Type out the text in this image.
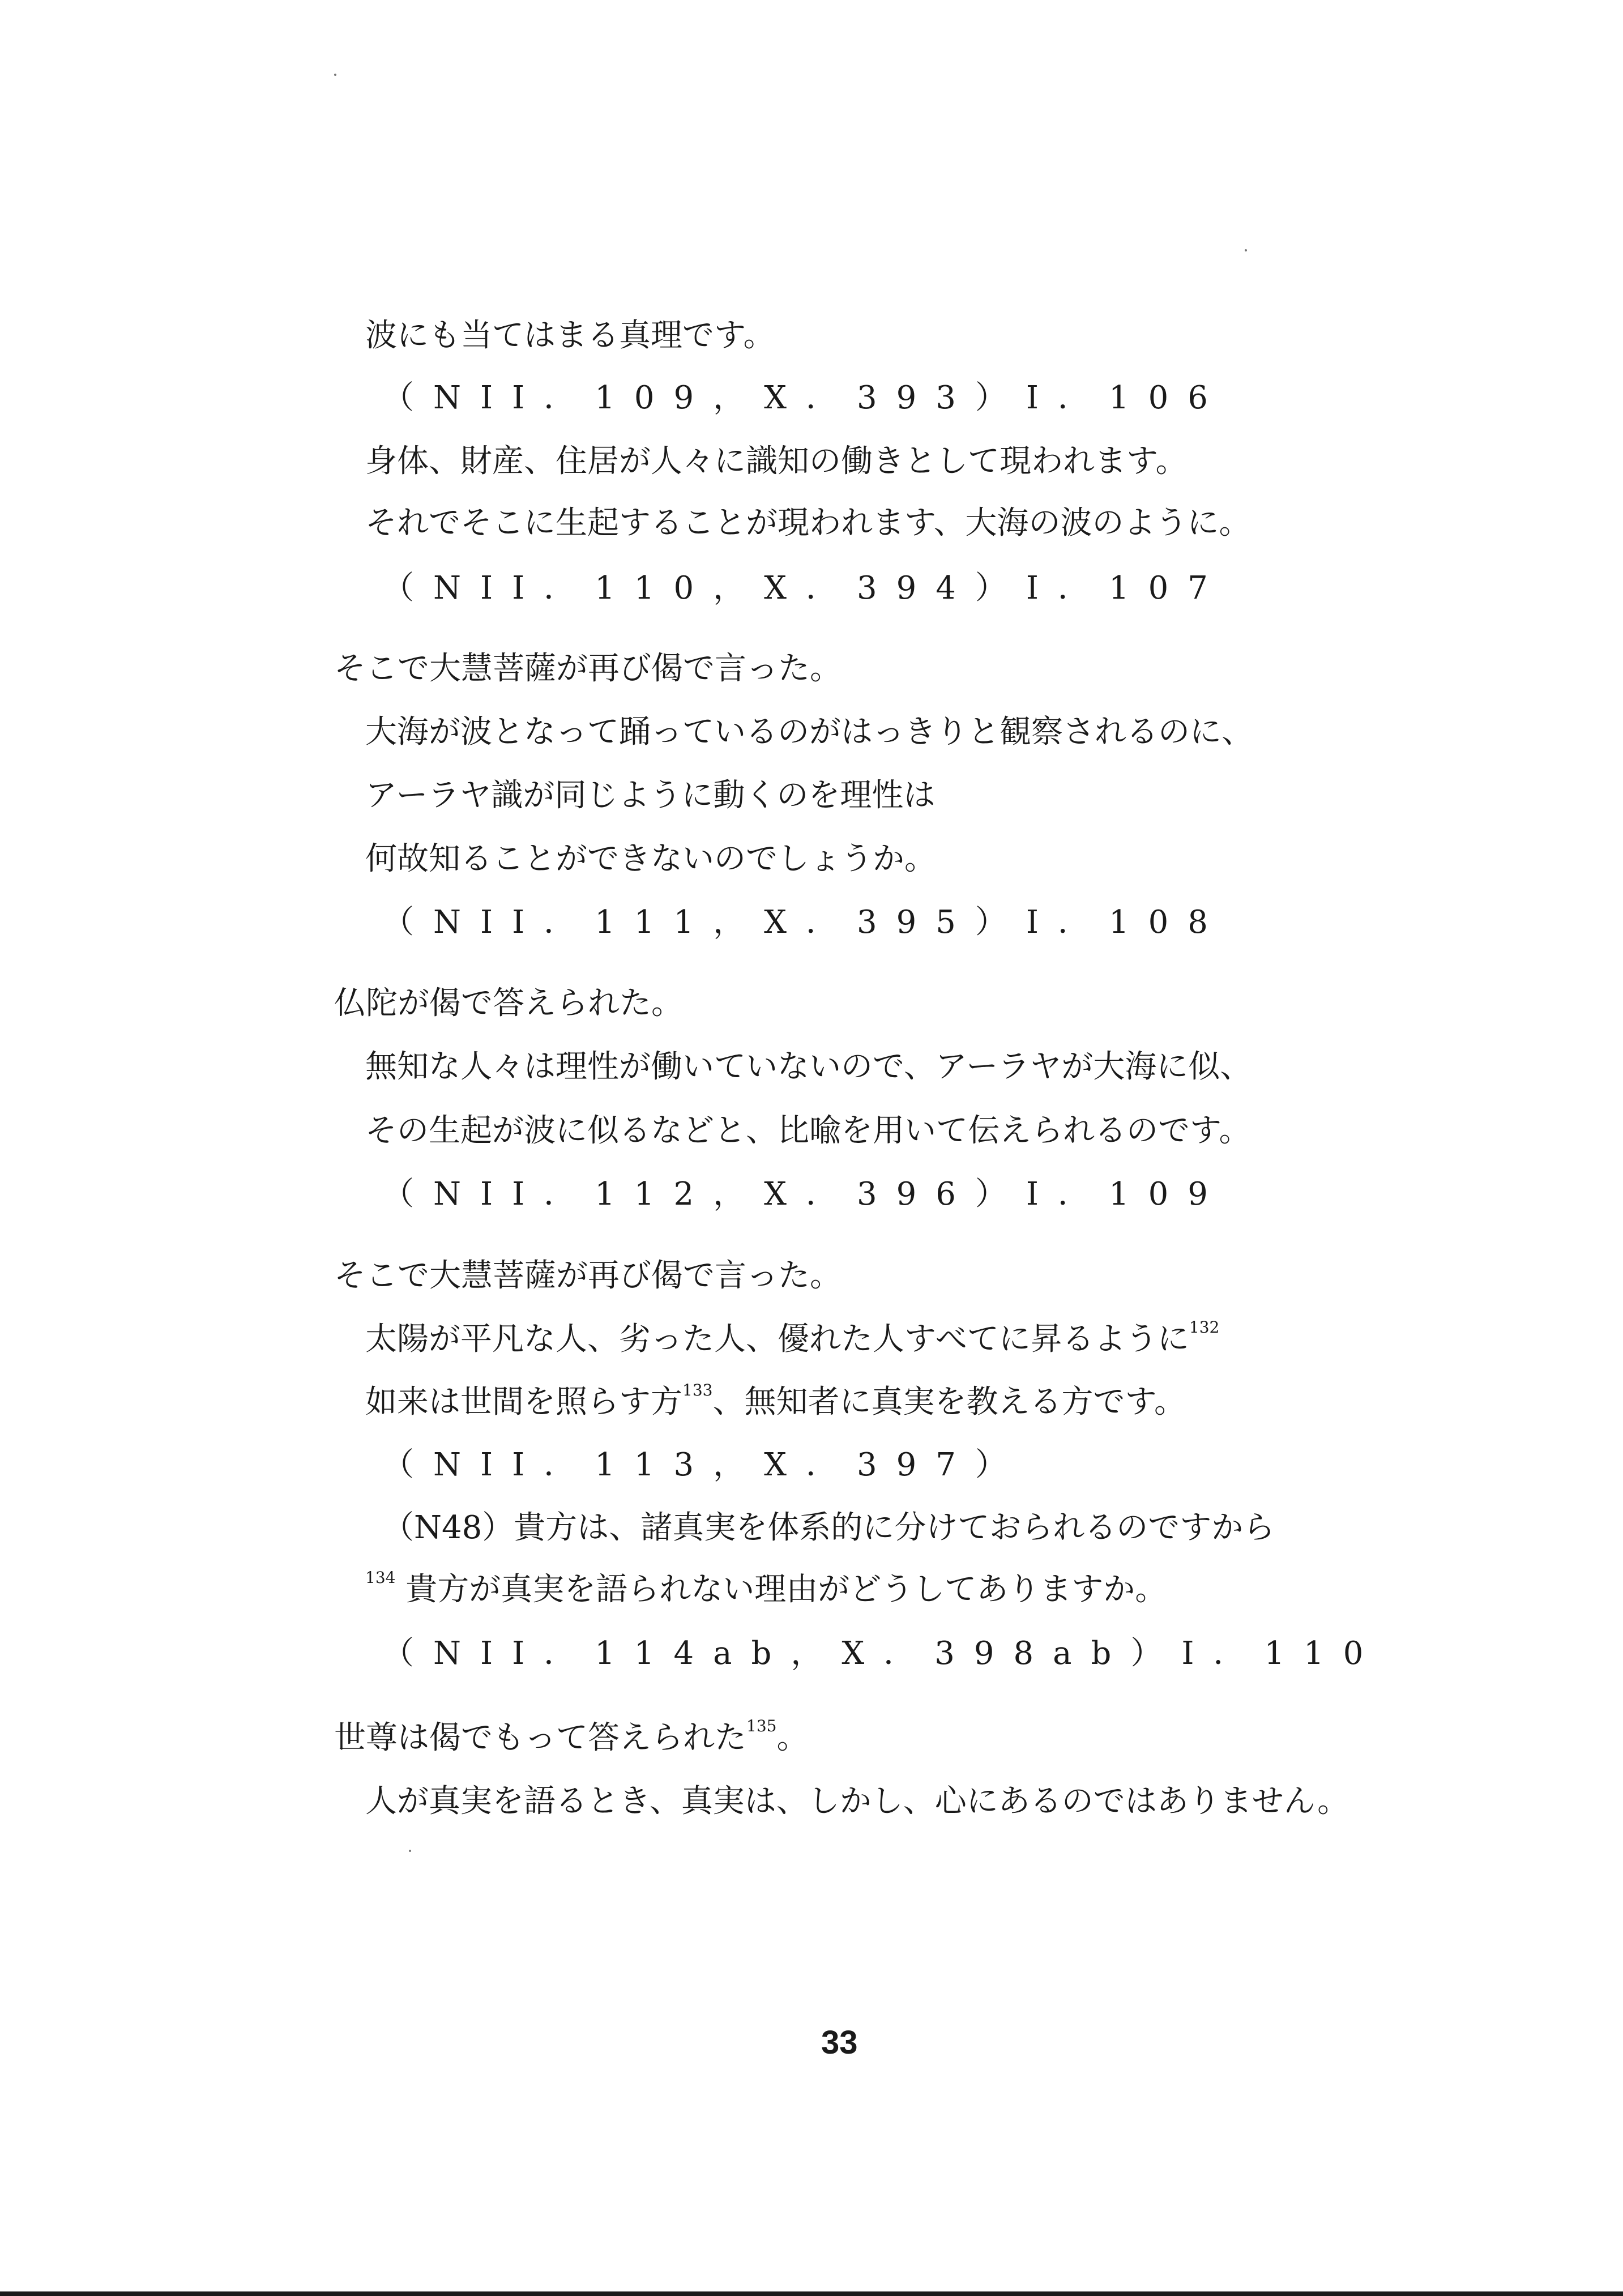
波にも当てはまる真理です。
（NII．109，X．393）I．106
身体、財産、住居が人々に識知の働きとして現われます。
それでそこに生起することが現われます、大海の波のように。
（NII．110，X．394）I．107
そこで大慧菩薩が再び偈で言った。
大海が波となって踊っているのがはっきりと観察されるのに、
アーラヤ識が同じように動くのを理性は
何故知ることができないのでしょうか。
（NII．111，X．395）I．108
仏陀が偈で答えられた。
無知な人々は理性が働いていないので、アーラヤが大海に似、
その生起が波に似るなどと、比喩を用いて伝えられるのです。
（NII．112，X．396）I．109
そこで大慧菩薩が再び偈で言った。
太陽が平凡な人、劣った人、優れた人すべてに昇るように$^{132}$
如来は世間を照らす方$^{133}$、無知者に真実を教える方です。
（NII．113，X．397）
（N48）貴方は、諸真実を体系的に分けておられるのですから
$^{134}$ 貴方が真実を語られない理由がどうしてありますか。
（NII．114ab，X．398ab）I．110
世尊は偈でもって答えられた$^{135}$。
人が真実を語るとき、真実は、しかし、心にあるのではありません。
33
